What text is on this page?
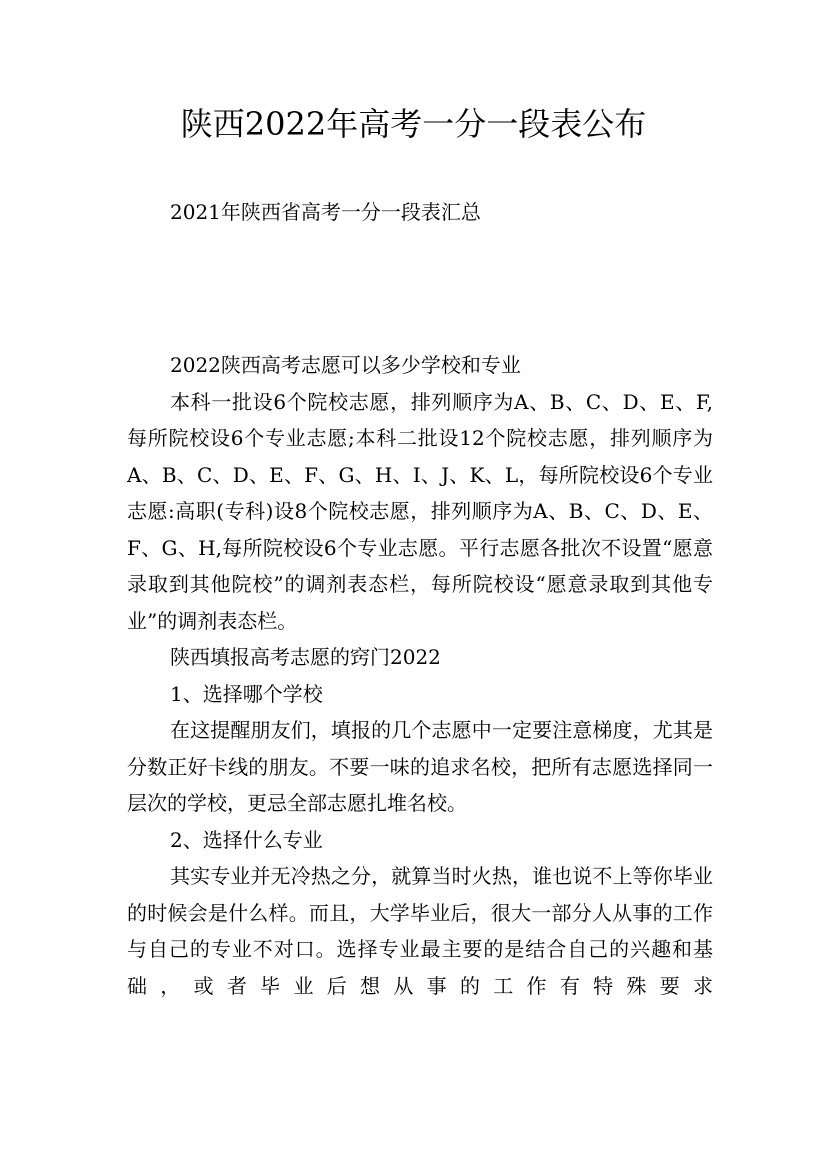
陕西2022年高考一分一段表公布

2021年陕西省高考一分一段表汇总

2022陕西高考志愿可以多少学校和专业

本科一批设6个院校志愿，排列顺序为A、B、C、D、E、F,每所院校设6个专业志愿;本科二批设12个院校志愿，排列顺序为A、B、C、D、E、F、G、H、I、J、K、L，每所院校设6个专业志愿:高职(专科)设8个院校志愿，排列顺序为A、B、C、D、E、F、G、H,每所院校设6个专业志愿。平行志愿各批次不设置“愿意录取到其他院校”的调剂表态栏，每所院校设“愿意录取到其他专业”的调剂表态栏。

陕西填报高考志愿的窍门2022

1、选择哪个学校

在这提醒朋友们，填报的几个志愿中一定要注意梯度，尤其是分数正好卡线的朋友。不要一味的追求名校，把所有志愿选择同一层次的学校，更忌全部志愿扎堆名校。

2、选择什么专业

其实专业并无冷热之分，就算当时火热，谁也说不上等你毕业的时候会是什么样。而且，大学毕业后，很大一部分人从事的工作与自己的专业不对口。选择专业最主要的是结合自己的兴趣和基础，或者毕业后想从事的工作有特殊要求
